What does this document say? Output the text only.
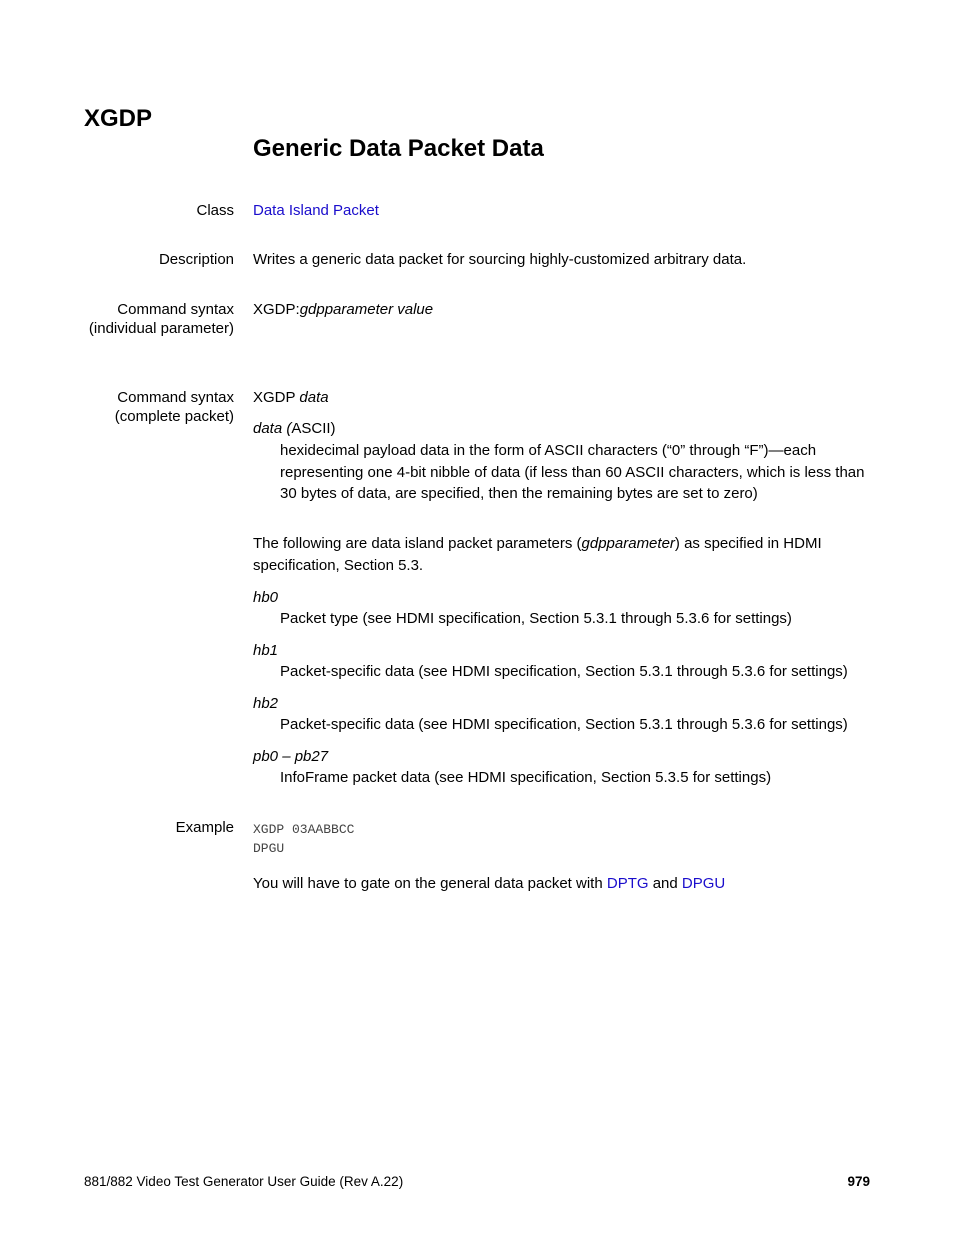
XGDP
Generic Data Packet Data
Class Data Island Packet
Description Writes a generic data packet for sourcing highly-customized arbitrary data.
Command syntax (individual parameter)
XGDP:gdpparameter value
Command syntax (complete packet)
XGDP data
data (ASCII)
hexidecimal payload data in the form of ASCII characters (“0” through “F”)—each representing one 4-bit nibble of data (if less than 60 ASCII characters, which is less than 30 bytes of data, are specified, then the remaining bytes are set to zero)
The following are data island packet parameters (gdpparameter) as specified in HDMI specification, Section 5.3.
hb0
Packet type (see HDMI specification, Section 5.3.1 through 5.3.6 for settings)
hb1
Packet-specific data (see HDMI specification, Section 5.3.1 through 5.3.6 for settings)
hb2
Packet-specific data (see HDMI specification, Section 5.3.1 through 5.3.6 for settings)
pb0 – pb27
InfoFrame packet data (see HDMI specification, Section 5.3.5 for settings)
Example XGDP 03AABBCC
DPGU
You will have to gate on the general data packet with DPTG and DPGU
881/882 Video Test Generator User Guide (Rev A.22)	979
